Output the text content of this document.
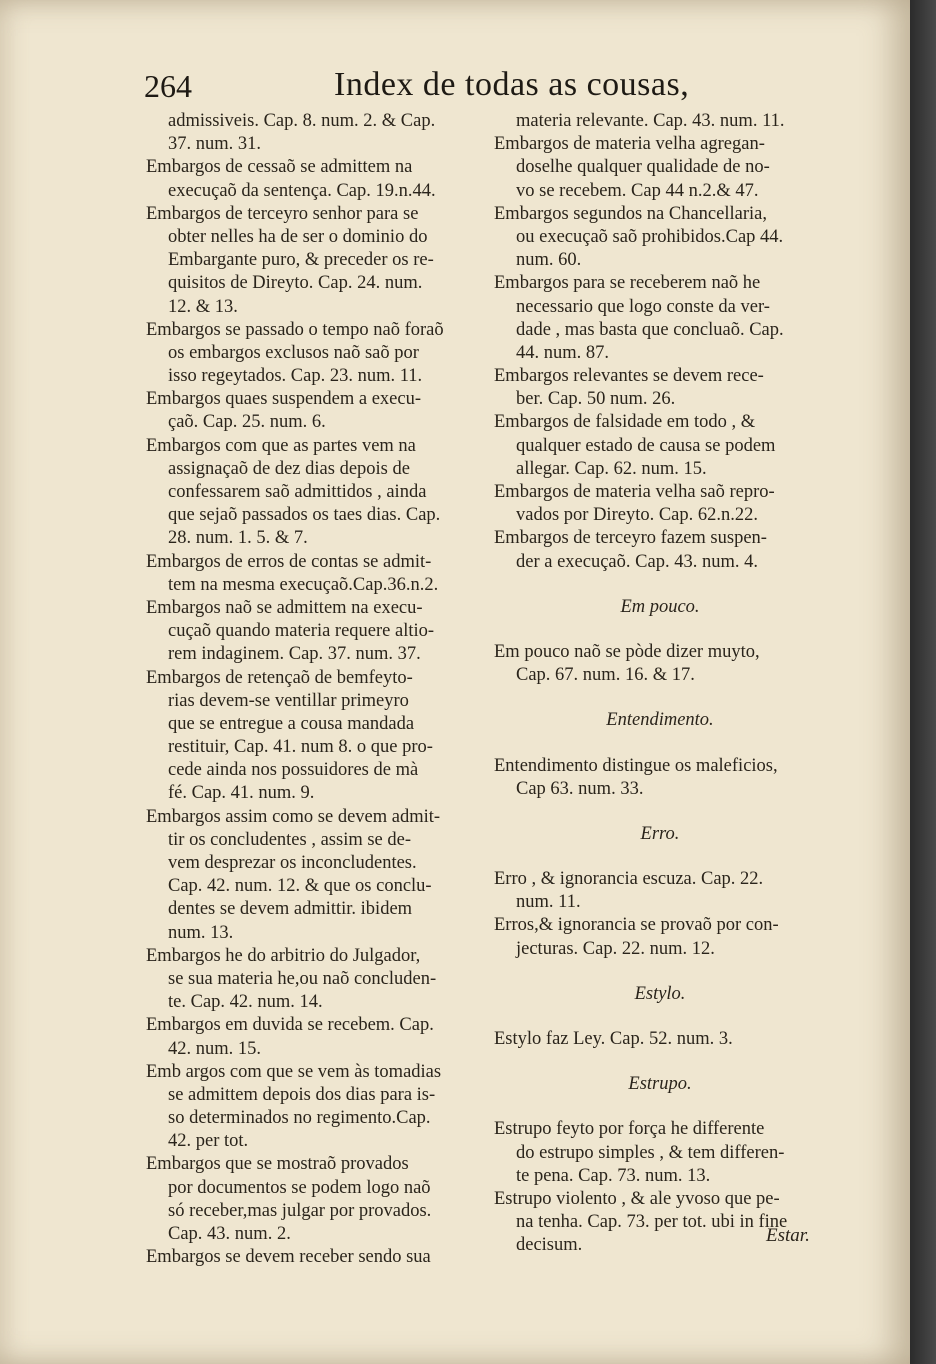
264	Index de todas as cousas,
admissiveis. Cap. 8. num. 2. & Cap.
37. num. 31.
Embargos de cessaõ se admittem na
execuçaõ da sentença. Cap. 19.n.44.
Embargos de terceyro senhor para se
obter nelles ha de ser o dominio do
Embargante puro, & preceder os re-
quisitos de Direyto. Cap. 24. num.
12. & 13.
Embargos se passado o tempo naõ foraõ
os embargos exclusos naõ saõ por
isso regeytados. Cap. 23. num. 11.
Embargos quaes suspendem a execu-
çaõ. Cap. 25. num. 6.
Embargos com que as partes vem na
assignaçaõ de dez dias depois de
confessarem saõ admittidos , ainda
que sejaõ passados os taes dias. Cap.
28. num. 1. 5. & 7.
Embargos de erros de contas se admit-
tem na mesma execuçaõ.Cap.36.n.2.
Embargos naõ se admittem na execu-
cuçaõ quando materia requere altio-
rem indaginem. Cap. 37. num. 37.
Embargos de retençaõ de bemfeyto-
rias devem-se ventillar primeyro
que se entregue a cousa mandada
restituir, Cap. 41. num 8. o que pro-
cede ainda nos possuidores de mà
fé. Cap. 41. num. 9.
Embargos assim como se devem admit-
tir os concludentes , assim se de-
vem desprezar os inconcludentes.
Cap. 42. num. 12. & que os conclu-
dentes se devem admittir. ibidem
num. 13.
Embargos he do arbitrio do Julgador,
se sua materia he,ou naõ concluden-
te. Cap. 42. num. 14.
Embargos em duvida se recebem. Cap.
42. num. 15.
Emb argos com que se vem às tomadias
se admittem depois dos dias para is-
so determinados no regimento.Cap.
42. per tot.
Embargos que se mostraõ provados
por documentos se podem logo naõ
só receber,mas julgar por provados.
Cap. 43. num. 2.
Embargos se devem receber sendo sua
materia relevante. Cap. 43. num. 11.
Embargos de materia velha agregan-
doselhe qualquer qualidade de no-
vo se recebem. Cap 44 n.2.& 47.
Embargos segundos na Chancellaria,
ou execuçaõ saõ prohibidos.Cap 44.
num. 60.
Embargos para se receberem naõ he
necessario que logo conste da ver-
dade , mas basta que concluaõ. Cap.
44. num. 87.
Embargos relevantes se devem rece-
ber. Cap. 50 num. 26.
Embargos de falsidade em todo , &
qualquer estado de causa se podem
allegar. Cap. 62. num. 15.
Embargos de materia velha saõ repro-
vados por Direyto. Cap. 62.n.22.
Embargos de terceyro fazem suspen-
der a execuçaõ. Cap. 43. num. 4.
Em pouco.
Em pouco naõ se pòde dizer muyto,
Cap. 67. num. 16. & 17.
Entendimento.
Entendimento distingue os maleficios,
Cap 63. num. 33.
Erro.
Erro , & ignorancia escuza. Cap. 22.
num. 11.
Erros,& ignorancia se provaõ por con-
jecturas. Cap. 22. num. 12.
Estylo.
Estylo faz Ley. Cap. 52. num. 3.
Estrupo.
Estrupo feyto por força he differente
do estrupo simples , & tem differen-
te pena. Cap. 73. num. 13.
Estrupo violento , & ale yvoso que pe-
na tenha. Cap. 73. per tot. ubi in fine
decisum.	Estar.
